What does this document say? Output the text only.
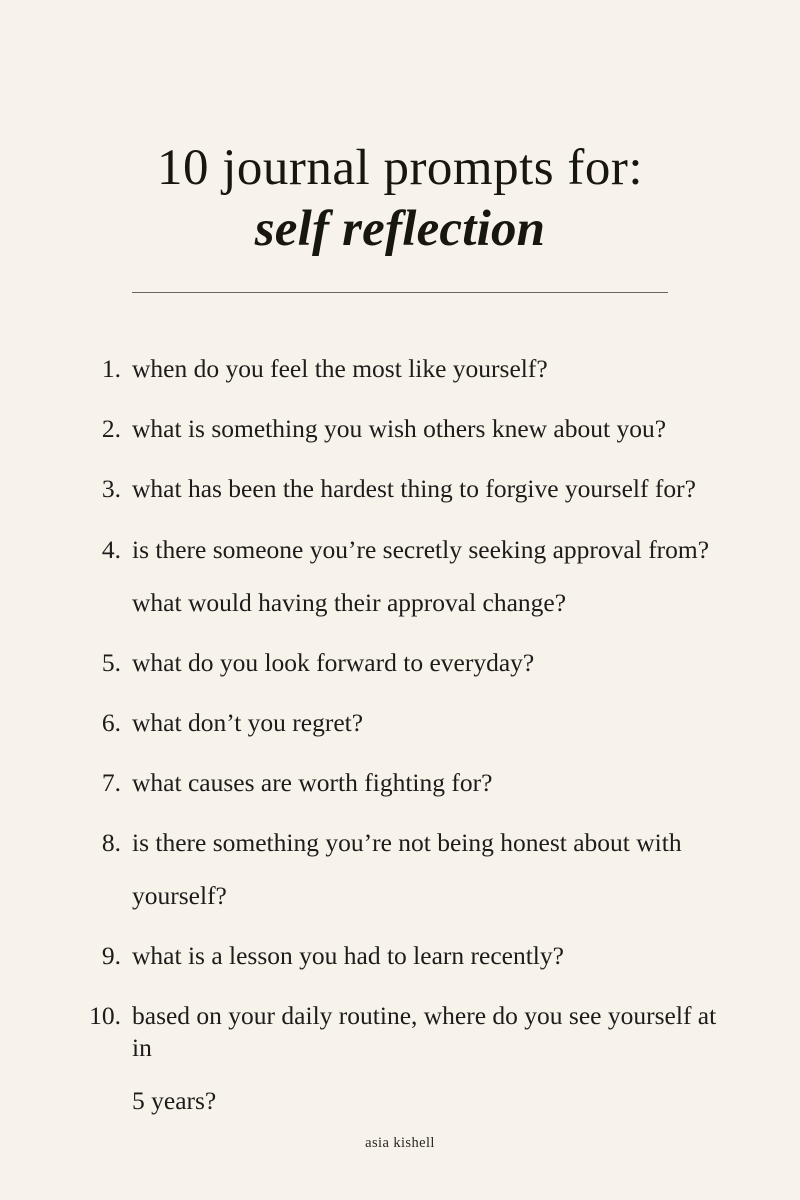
10 journal prompts for:
self reflection
1. when do you feel the most like yourself?
2. what is something you wish others knew about you?
3. what has been the hardest thing to forgive yourself for?
4. is there someone you’re secretly seeking approval from?
what would having their approval change?
5. what do you look forward to everyday?
6. what don’t you regret?
7. what causes are worth fighting for?
8. is there something you’re not being honest about with
yourself?
9. what is a lesson you had to learn recently?
10. based on your daily routine, where do you see yourself at in
5 years?
asia kishell
